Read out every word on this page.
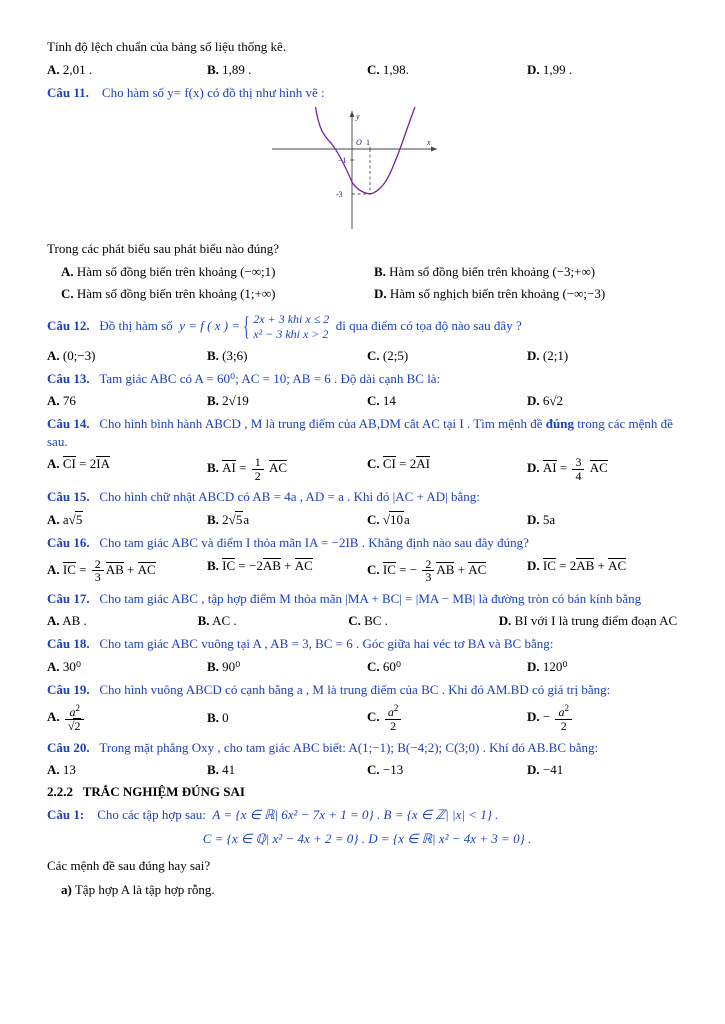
Tính độ lệch chuẩn của bảng số liệu thống kê.

A. 2,01 .	B. 1,89 .	C. 1,98.	D. 1,99 .

Câu 11. Cho hàm số y= f(x) có đồ thị như hình vẽ :

O 1	x
y
−1
-3

Trong các phát biểu sau phát biểu nào đúng?

A. Hàm số đồng biến trên khoảng (−∞;1)	B. Hàm số đồng biến trên khoảng (−3;+∞)
C. Hàm số đồng biến trên khoảng (1;+∞)	D. Hàm số nghịch biến trên khoảng (−∞;−3)

Câu 12. Đồ thị hàm số y = f ( x ) = { 2x + 3 khi x ≤ 2
x² − 3 khi x > 2
đi qua điểm có tọa độ nào sau đây ?

A. (0;−3)	B. (3;6)	C. (2;5)	D. (2;1)

Câu 13. Tam giác ABC có A = 60⁰; AC = 10; AB = 6 . Độ dài cạnh BC là:

A. 76	B. 2√19	C. 14	D. 6√2

Câu 14. Cho hình bình hành ABCD , M là trung điểm của AB,DM cắt AC tại I . Tìm mệnh đề đúng trong các mệnh đề sau.

A. CI = 2IA	B. AI = $\frac{1}{2}$ AC	C. CI = 2AI	D. AI = $\frac{3}{4}$ AC

Câu 15. Cho hình chữ nhật ABCD có AB = 4a , AD = a . Khi đó |AC + AD| bằng:

A. a√5	B. 2√5a	C. √10a	D. 5a

Câu 16. Cho tam giác ABC và điểm I thỏa mãn IA = −2IB . Khẳng định nào sau đây đúng?

A. IC = $\frac{2}{3}$ AB + AC	B. IC = −2AB + AC	C. IC = − $\frac{2}{3}$ AB + AC	D. IC = 2AB + AC

Câu 17. Cho tam giác ABC , tập hợp điểm M thỏa mãn |MA + BC| = |MA − MB| là đường tròn có bán kính bằng

A. AB .	B. AC .	C. BC .	D. BI với I là trung điểm đoạn AC

Câu 18. Cho tam giác ABC vuông tại A , AB = 3, BC = 6 . Góc giữa hai véc tơ BA và BC bằng:

A. 30⁰	B. 90⁰	C. 60⁰	D. 120⁰

Câu 19. Cho hình vuông ABCD có cạnh bằng a , M là trung điểm của BC . Khi đó AM.BD có giá trị bằng:

A. $\frac{a^2}{√2}$	B. 0	C. $\frac{a^2}{2}$	D. − $\frac{a^2}{2}$

Câu 20. Trong mặt phẳng Oxy , cho tam giác ABC biết: A(1;−1); B(−4;2); C(3;0) . Khí đó AB.BC bằng:

A. 13	B. 41	C. −13	D. −41

2.2.2 TRẮC NGHIỆM ĐÚNG SAI

Câu 1: Cho các tập hợp sau: A = {x ∈ ℝ| 6x² − 7x + 1 = 0} . B = {x ∈ ℤ| |x| < 1} .

C = {x ∈ ℚ| x² − 4x + 2 = 0} . D = {x ∈ ℝ| x² − 4x + 3 = 0} .

Các mệnh đề sau đúng hay sai?

a) Tập hợp A là tập hợp rỗng.
